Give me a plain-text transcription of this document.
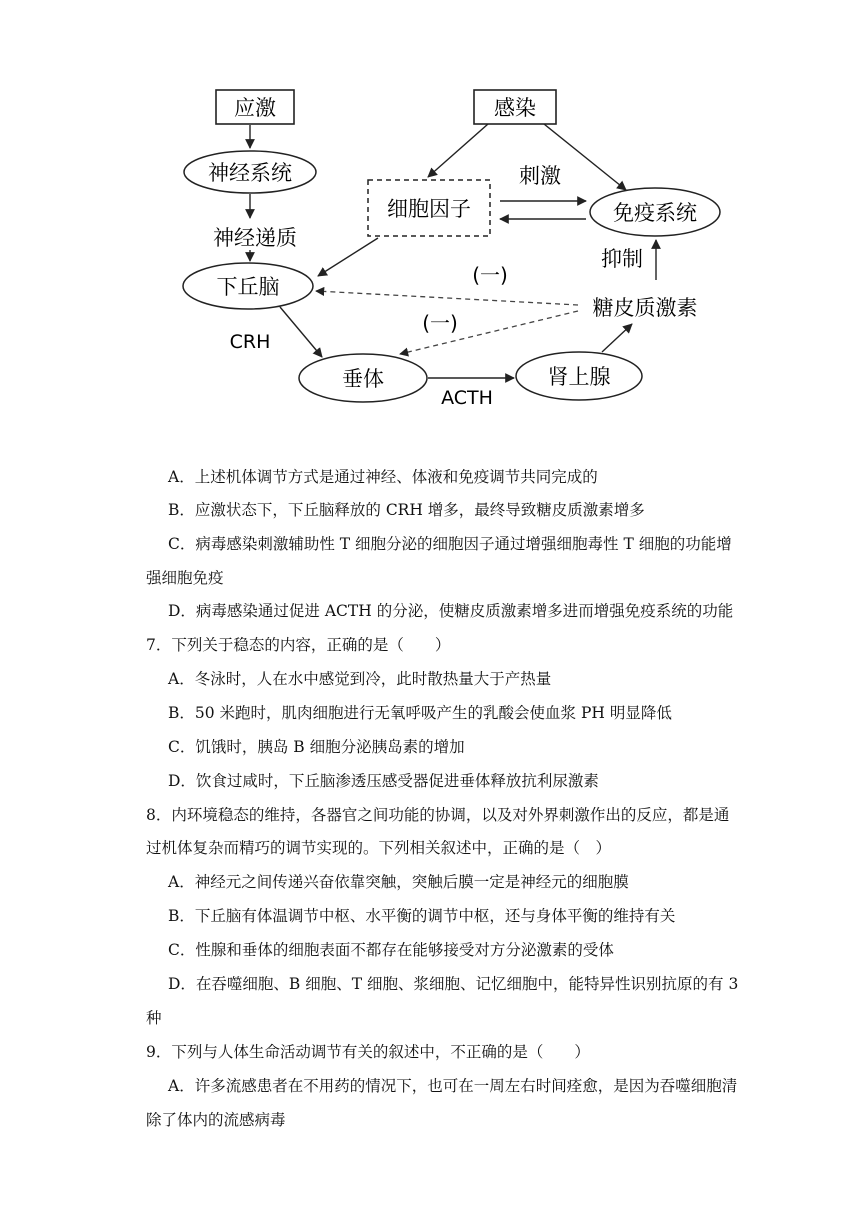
应激	感染
神经系统
细胞因子	免疫系统
下丘脑
垂体	肾上腺
糖皮质激素
神经递质
刺激
抑制
CRH
ACTH
(一)
(一)
A．上述机体调节方式是通过神经、体液和免疫调节共同完成的
B．应激状态下，下丘脑释放的 CRH 增多，最终导致糖皮质激素增多
C．病毒感染刺激辅助性 T 细胞分泌的细胞因子通过增强细胞毒性 T 细胞的功能增
强细胞免疫
D．病毒感染通过促进 ACTH 的分泌，使糖皮质激素增多进而增强免疫系统的功能
7．下列关于稳态的内容，正确的是（　　）
A．冬泳时，人在水中感觉到冷，此时散热量大于产热量
B．50 米跑时，肌肉细胞进行无氧呼吸产生的乳酸会使血浆 PH 明显降低
C．饥饿时，胰岛 B 细胞分泌胰岛素的增加
D．饮食过咸时，下丘脑渗透压感受器促进垂体释放抗利尿激素
8．内环境稳态的维持，各器官之间功能的协调，以及对外界刺激作出的反应，都是通
过机体复杂而精巧的调节实现的。下列相关叙述中，正确的是（　）
A．神经元之间传递兴奋依靠突触，突触后膜一定是神经元的细胞膜
B．下丘脑有体温调节中枢、水平衡的调节中枢，还与身体平衡的维持有关
C．性腺和垂体的细胞表面不都存在能够接受对方分泌激素的受体
D．在吞噬细胞、B 细胞、T 细胞、浆细胞、记忆细胞中，能特异性识别抗原的有 3
种
9．下列与人体生命活动调节有关的叙述中，不正确的是（　　）
A．许多流感患者在不用药的情况下，也可在一周左右时间痊愈，是因为吞噬细胞清
除了体内的流感病毒
